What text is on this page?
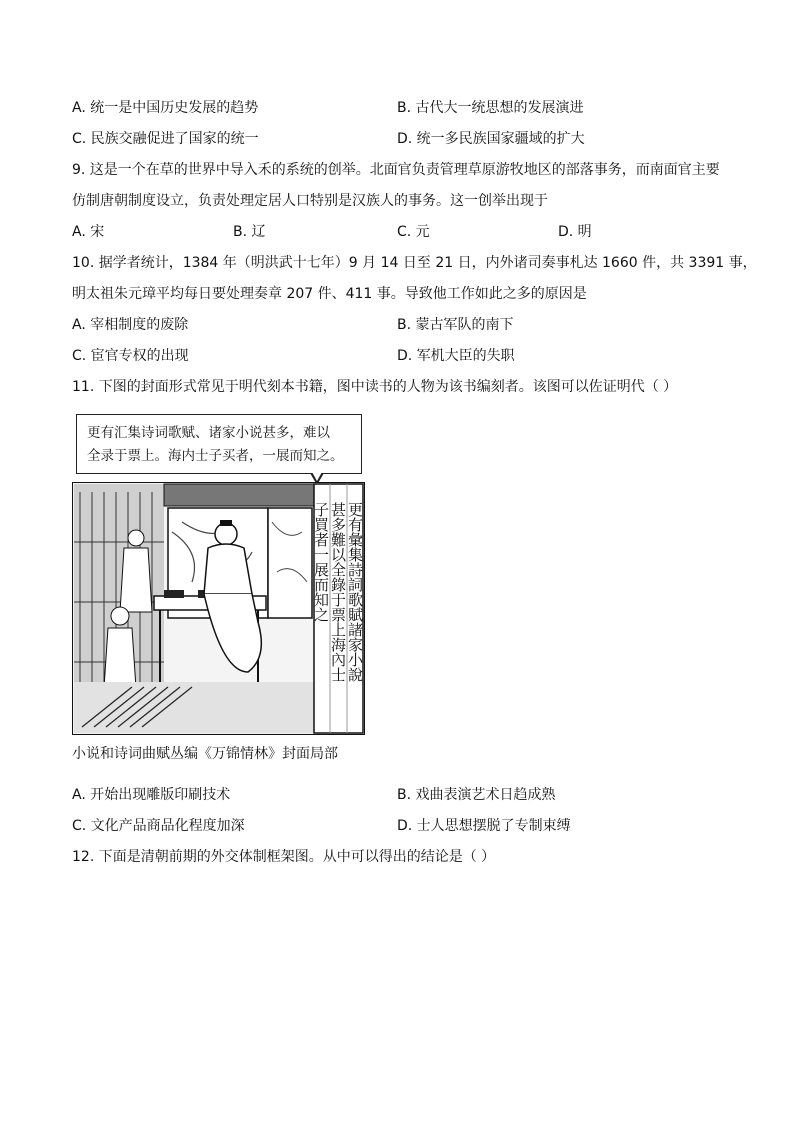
A. 统一是中国历史发展的趋势	B. 古代大一统思想的发展演进
C. 民族交融促进了国家的统一	D. 统一多民族国家疆域的扩大
9. 这是一个在草的世界中导入禾的系统的创举。北面官负责管理草原游牧地区的部落事务，而南面官主要
仿制唐朝制度设立，负责处理定居人口特别是汉族人的事务。这一创举出现于
A. 宋	B. 辽	C. 元	D. 明
10. 据学者统计，1384 年（明洪武十七年）9 月 14 日至 21 日，内外诸司奏事札达 1660 件，共 3391 事，
明太祖朱元璋平均每日要处理奏章 207 件、411 事。导致他工作如此之多的原因是
A. 宰相制度的废除	B. 蒙古军队的南下
C. 宦官专权的出现	D. 军机大臣的失职
11. 下图的封面形式常见于明代刻本书籍，图中读书的人物为该书编刻者。该图可以佐证明代（ ）
更有汇集诗词歌赋、诸家小说甚多，难以
全录于票上。海内士子买者，一展而知之。
更有彙集詩詞歌賦諸家小說
甚多難以全錄于票上海內士
子買者一展而知之
小说和诗词曲赋丛编《万锦情林》封面局部
A. 开始出现雕版印刷技术	B. 戏曲表演艺术日趋成熟
C. 文化产品商品化程度加深	D. 士人思想摆脱了专制束缚
12. 下面是清朝前期的外交体制框架图。从中可以得出的结论是（ ）
